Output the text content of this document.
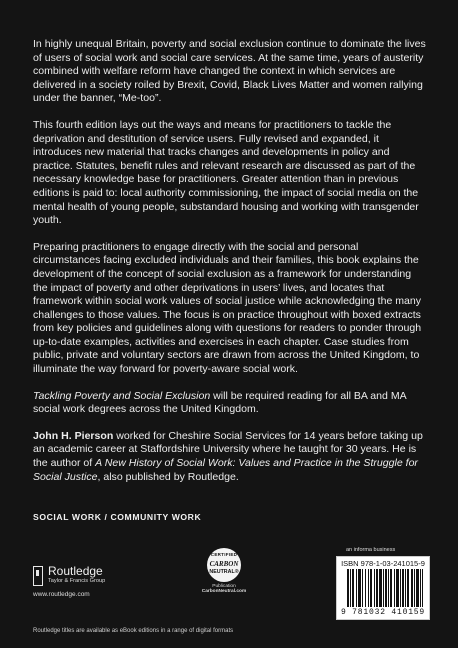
In highly unequal Britain, poverty and social exclusion continue to dominate the lives of users of social work and social care services. At the same time, years of austerity combined with welfare reform have changed the context in which services are delivered in a society roiled by Brexit, Covid, Black Lives Matter and women rallying under the banner, “Me-too”.

This fourth edition lays out the ways and means for practitioners to tackle the deprivation and destitution of service users. Fully revised and expanded, it introduces new material that tracks changes and developments in policy and practice. Statutes, benefit rules and relevant research are discussed as part of the necessary knowledge base for practitioners. Greater attention than in previous editions is paid to: local authority commissioning, the impact of social media on the mental health of young people, substandard housing and working with transgender youth.

Preparing practitioners to engage directly with the social and personal circumstances facing excluded individuals and their families, this book explains the development of the concept of social exclusion as a framework for understanding the impact of poverty and other deprivations in users’ lives, and locates that framework within social work values of social justice while acknowledging the many challenges to those values. The focus is on practice throughout with boxed extracts from key policies and guidelines along with questions for readers to ponder through up-to-date examples, activities and exercises in each chapter. Case studies from public, private and voluntary sectors are drawn from across the United Kingdom, to illuminate the way forward for poverty-aware social work.

Tackling Poverty and Social Exclusion will be required reading for all BA and MA social work degrees across the United Kingdom.

John H. Pierson worked for Cheshire Social Services for 14 years before taking up an academic career at Staffordshire University where he taught for 30 years. He is the author of A New History of Social Work: Values and Practice in the Struggle for Social Justice, also published by Routledge.

SOCIAL WORK / COMMUNITY WORK
Routledge
Taylor & Francis Group
www.routledge.com
CERTIFIED
CARBON
NEUTRAL®
Publication
CarbonNeutral.com
an informa business
ISBN 978-1-03-241015-9
9 781032 410159
Routledge titles are available as eBook editions in a range of digital formats
